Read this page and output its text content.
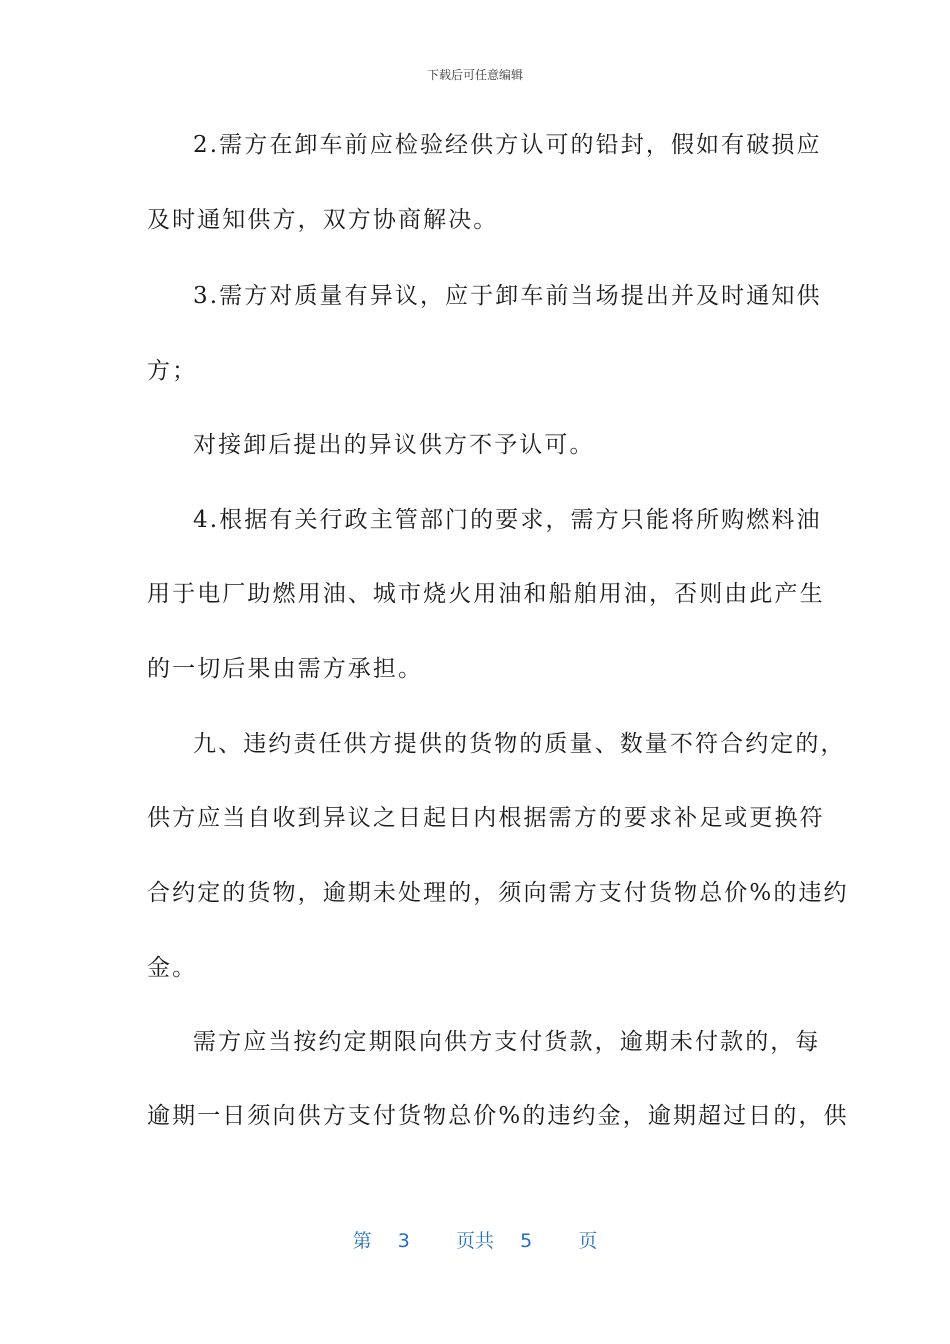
下载后可任意编辑
2.需方在卸车前应检验经供方认可的铅封，假如有破损应
及时通知供方，双方协商解决。
3.需方对质量有异议，应于卸车前当场提出并及时通知供
方；
对接卸后提出的异议供方不予认可。
4.根据有关行政主管部门的要求，需方只能将所购燃料油
用于电厂助燃用油、城市烧火用油和船舶用油，否则由此产生
的一切后果由需方承担。
九、违约责任供方提供的货物的质量、数量不符合约定的，
供方应当自收到异议之日起日内根据需方的要求补足或更换符
合约定的货物，逾期未处理的，须向需方支付货物总价%的违约
金。
需方应当按约定期限向供方支付货款，逾期未付款的，每
逾期一日须向供方支付货物总价%的违约金，逾期超过日的，供
第 3 页共 5 页
